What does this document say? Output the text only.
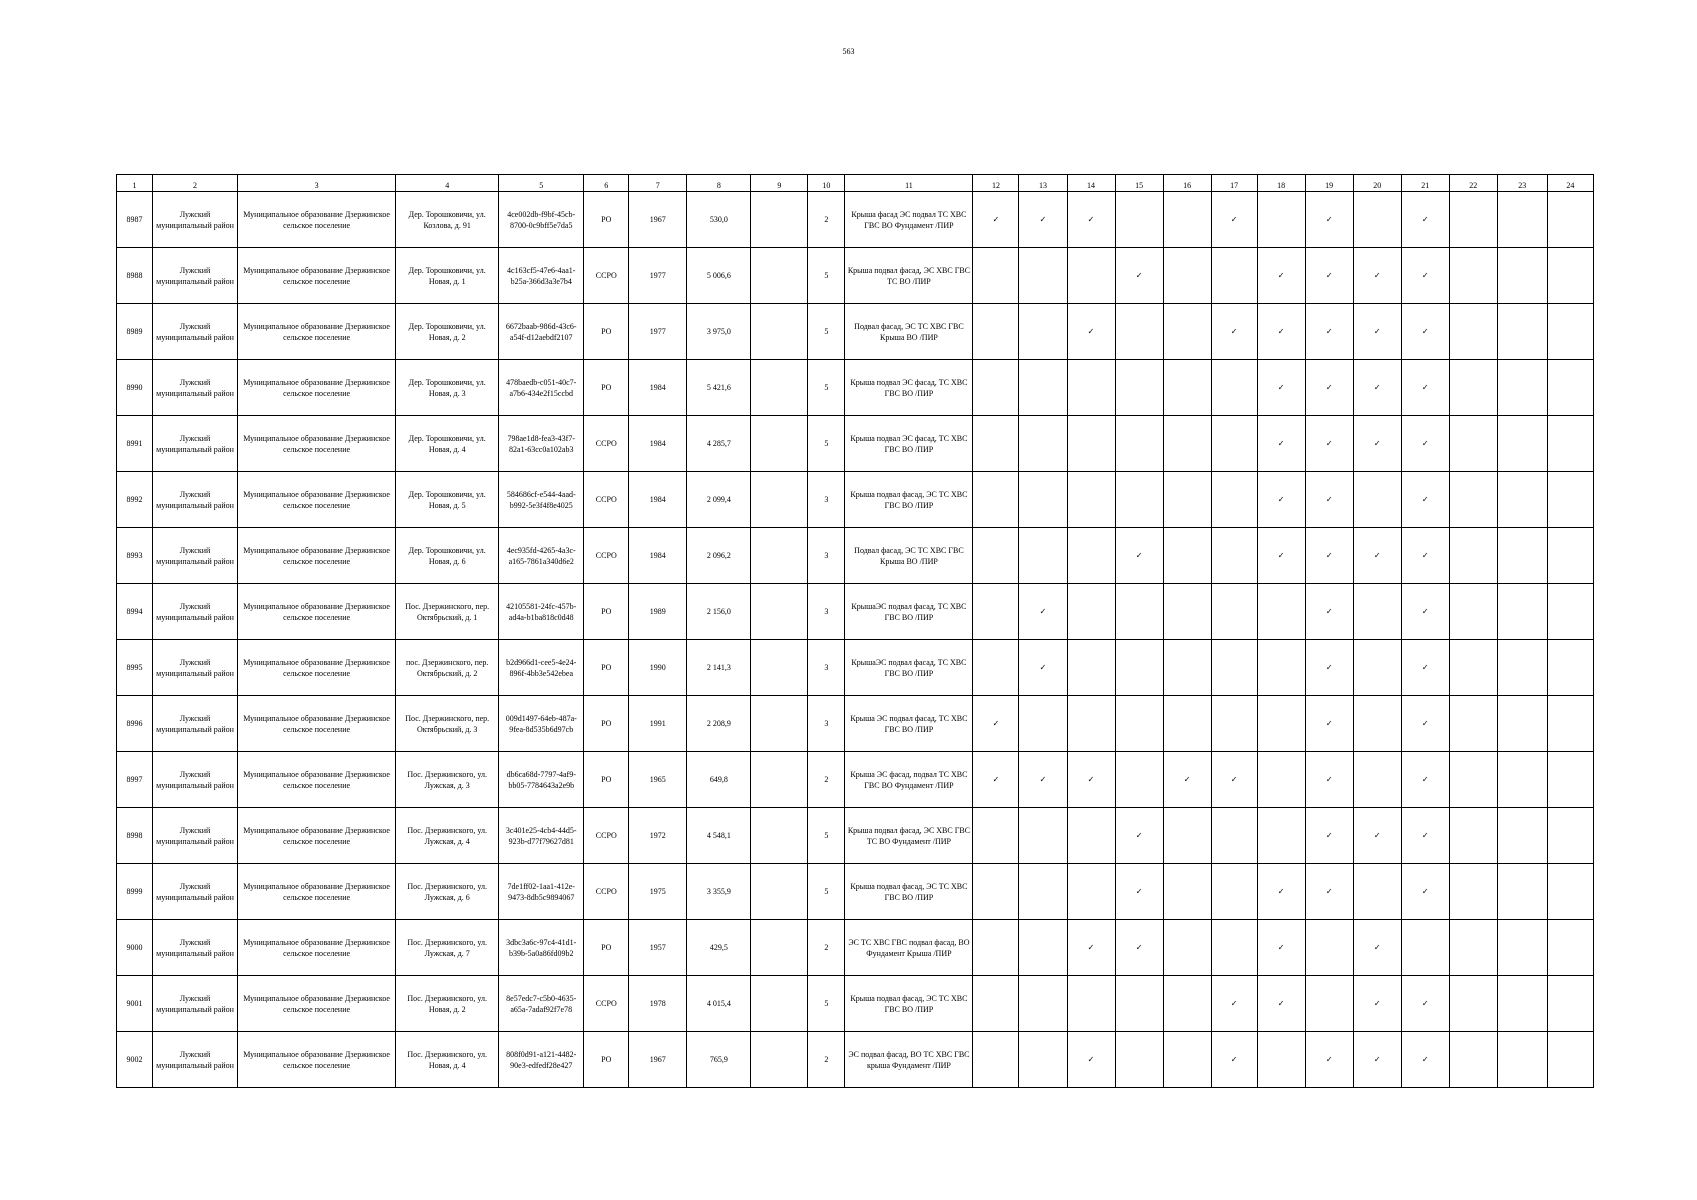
563
1	2	3	4	5	6	7	8	9	10	11	12	13	14	15	16	17	18	19	20	21	22	23	24
8987	Лужский муниципальный район	Муниципальное образование Дзержинское сельское поселение	Дер. Торошковичи, ул. Козлова, д. 91	4ce002db-f9bf-45cb-8700-0c9bff5e7da5	РО	1967	530,0		2	Крыша фасад ЭС подвал ТС ХВС ГВС ВО Фундамент /ПИР	✓	✓	✓			✓		✓		✓			
8988	Лужский муниципальный район	Муниципальное образование Дзержинское сельское поселение	Дер. Торошковичи, ул. Новая, д. 1	4c163cf5-47e6-4aa1-b25a-366d3a3e7b4	ССРО	1977	5 006,6		5	Крыша подвал фасад, ЭС ХВС ГВС ТС ВО /ПИР				✓			✓	✓	✓	✓			
8989	Лужский муниципальный район	Муниципальное образование Дзержинское сельское поселение	Дер. Торошковичи, ул. Новая, д. 2	6672baab-986d-43c6-a54f-d12aebdf2107	РО	1977	3 975,0		5	Подвал фасад, ЭС ТС ХВС ГВС Крыша ВО /ПИР			✓			✓	✓	✓	✓	✓			
8990	Лужский муниципальный район	Муниципальное образование Дзержинское сельское поселение	Дер. Торошковичи, ул. Новая, д. 3	478baedb-c051-40c7-a7b6-434e2f15ccbd	РО	1984	5 421,6		5	Крыша подвал ЭС фасад, ТС ХВС ГВС ВО /ПИР							✓	✓	✓	✓			
8991	Лужский муниципальный район	Муниципальное образование Дзержинское сельское поселение	Дер. Торошковичи, ул. Новая, д. 4	798ae1d8-fea3-43f7-82a1-63cc0a102ab3	ССРО	1984	4 285,7		5	Крыша подвал ЭС фасад, ТС ХВС ГВС ВО /ПИР							✓	✓	✓	✓			
8992	Лужский муниципальный район	Муниципальное образование Дзержинское сельское поселение	Дер. Торошковичи, ул. Новая, д. 5	584686cf-e544-4aad-b992-5e3f4f8e4025	ССРО	1984	2 099,4		3	Крыша подвал фасад, ЭС ТС ХВС ГВС ВО /ПИР							✓	✓		✓			
8993	Лужский муниципальный район	Муниципальное образование Дзержинское сельское поселение	Дер. Торошковичи, ул. Новая, д. 6	4ec935fd-4265-4a3c-a165-7861a340d6e2	ССРО	1984	2 096,2		3	Подвал фасад, ЭС ТС ХВС ГВС Крыша ВО /ПИР				✓			✓	✓	✓	✓			
8994	Лужский муниципальный район	Муниципальное образование Дзержинское сельское поселение	Пос. Дзержинского, пер. Октябрьский, д. 1	42105581-24fc-457b-ad4a-b1ba818c0d48	РО	1989	2 156,0		3	КрышаЭС подвал фасад, ТС ХВС ГВС ВО /ПИР		✓						✓		✓			
8995	Лужский муниципальный район	Муниципальное образование Дзержинское сельское поселение	пос. Дзержинского, пер. Октябрьский, д. 2	b2d966d1-cee5-4e24-896f-4bb3e542ebea	РО	1990	2 141,3		3	КрышаЭС подвал фасад, ТС ХВС ГВС ВО /ПИР		✓						✓		✓			
8996	Лужский муниципальный район	Муниципальное образование Дзержинское сельское поселение	Пос. Дзержинского, пер. Октябрьский, д. 3	009d1497-64eb-487a-9fea-8d535b6d97cb	РО	1991	2 208,9		3	Крыша ЭС подвал фасад, ТС ХВС ГВС ВО /ПИР	✓							✓		✓			
8997	Лужский муниципальный район	Муниципальное образование Дзержинское сельское поселение	Пос. Дзержинского, ул. Лужская, д. 3	db6ca68d-7797-4af9-bb05-7784643a2e9b	РО	1965	649,8		2	Крыша ЭС фасад, подвал ТС ХВС ГВС ВО Фундамент /ПИР	✓	✓	✓		✓	✓		✓		✓			
8998	Лужский муниципальный район	Муниципальное образование Дзержинское сельское поселение	Пос. Дзержинского, ул. Лужская, д. 4	3c401e25-4cb4-44d5-923b-d77f79627d81	ССРО	1972	4 548,1		5	Крыша подвал фасад, ЭС ХВС ГВС ТС ВО Фундамент /ПИР				✓				✓	✓	✓			
8999	Лужский муниципальный район	Муниципальное образование Дзержинское сельское поселение	Пос. Дзержинского, ул. Лужская, д. 6	7de1ff02-1aa1-412e-9473-8db5c9894067	ССРО	1975	3 355,9		5	Крыша подвал фасад, ЭС ТС ХВС ГВС ВО /ПИР				✓			✓	✓		✓			
9000	Лужский муниципальный район	Муниципальное образование Дзержинское сельское поселение	Пос. Дзержинского, ул. Лужская, д. 7	3dbc3a6c-97c4-41d1-b39b-5a0a86fd09b2	РО	1957	429,5		2	ЭС ТС ХВС ГВС подвал фасад, ВО Фундамент Крыша /ПИР			✓	✓			✓		✓				
9001	Лужский муниципальный район	Муниципальное образование Дзержинское сельское поселение	Пос. Дзержинского, ул. Новая, д. 2	8e57edc7-c5b0-4635-a65a-7adaf92f7e78	ССРО	1978	4 015,4		5	Крыша подвал фасад, ЭС ТС ХВС ГВС ВО /ПИР						✓	✓		✓	✓			
9002	Лужский муниципальный район	Муниципальное образование Дзержинское сельское поселение	Пос. Дзержинского, ул. Новая, д. 4	808f0d91-a121-4482-90e3-edfedf28e427	РО	1967	765,9		2	ЭС подвал фасад, ВО ТС ХВС ГВС крыша Фундамент /ПИР			✓			✓		✓	✓	✓			
